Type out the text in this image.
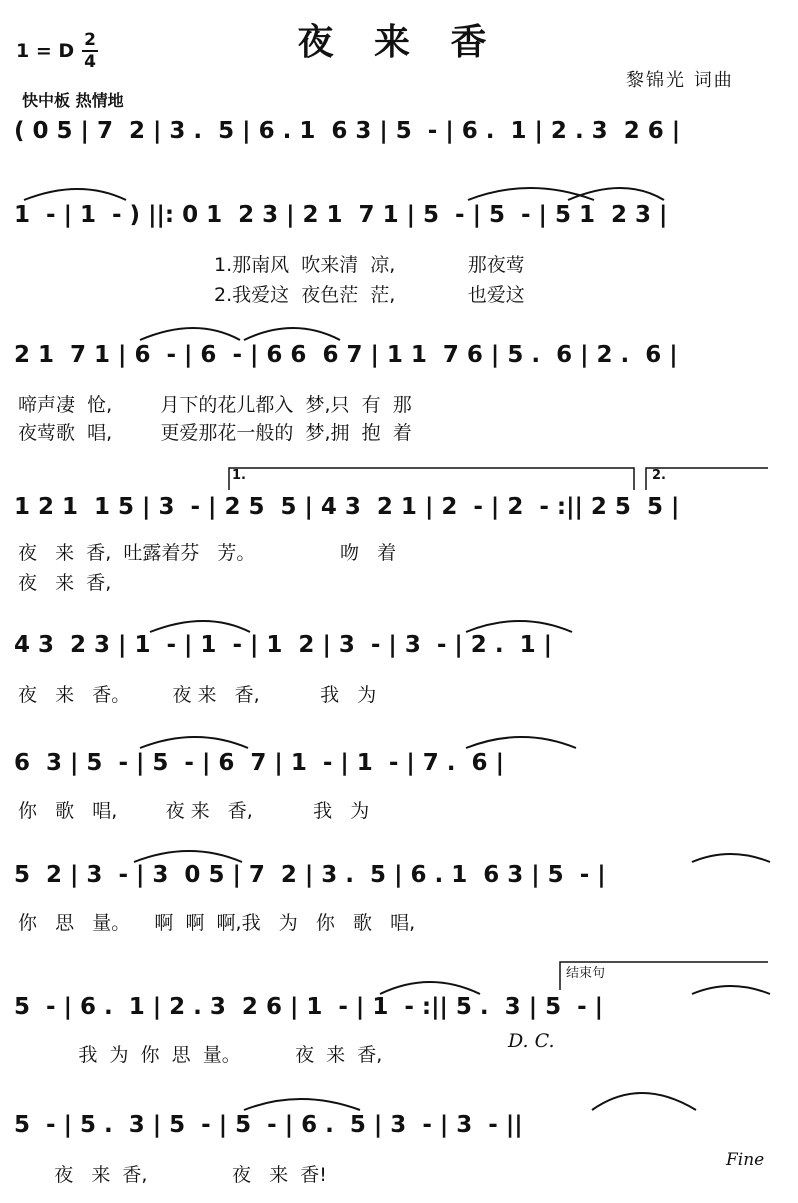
夜 来 香
1 = D 2
4
快中板 热情地
黎锦光 词曲
( 0 5 | 7  2 | 3 .  5 | 6 . 1  6 3 | 5  - | 6 .  1 | 2 . 3  2 6 |
1  - | 1  - ) ||: 0 1  2 3 | 2 1  7 1 | 5  - | 5  - | 5 1  2 3 |
1.那南风  吹来清  凉,            那夜莺
2.我爱这  夜色茫  茫,            也爱这
2 1  7 1 | 6  - | 6  - | 6 6  6 7 | 1 1  7 6 | 5 .  6 | 2 .  6 |
啼声凄  怆,        月下的花儿都入  梦,只  有  那
夜莺歌  唱,        更爱那花一般的  梦,拥  抱  着
1.	2.
1 2 1  1 5 | 3  - | 2 5  5 | 4 3  2 1 | 2  - | 2  - :|| 2 5  5 |
夜   来  香,  吐露着芬   芳。              吻   着
夜   来  香,
4 3  2 3 | 1  - | 1  - | 1  2 | 3  - | 3  - | 2 .  1 |
夜   来   香。       夜 来   香,          我   为
6  3 | 5  - | 5  - | 6  7 | 1  - | 1  - | 7 .  6 |
你   歌   唱,        夜 来   香,          我   为
5  2 | 3  - | 3  0 5 | 7  2 | 3 .  5 | 6 . 1  6 3 | 5  - |
你   思   量。    啊  啊  啊,我   为   你   歌   唱,
结束句
5  - | 6 .  1 | 2 . 3  2 6 | 1  - | 1  - :|| 5 .  3 | 5  - |
我  为  你  思  量。         夜  来  香,
D. C.
5  - | 5 .  3 | 5  - | 5  - | 6 .  5 | 3  - | 3  - ||
夜   来  香,              夜   来  香!
Fine
